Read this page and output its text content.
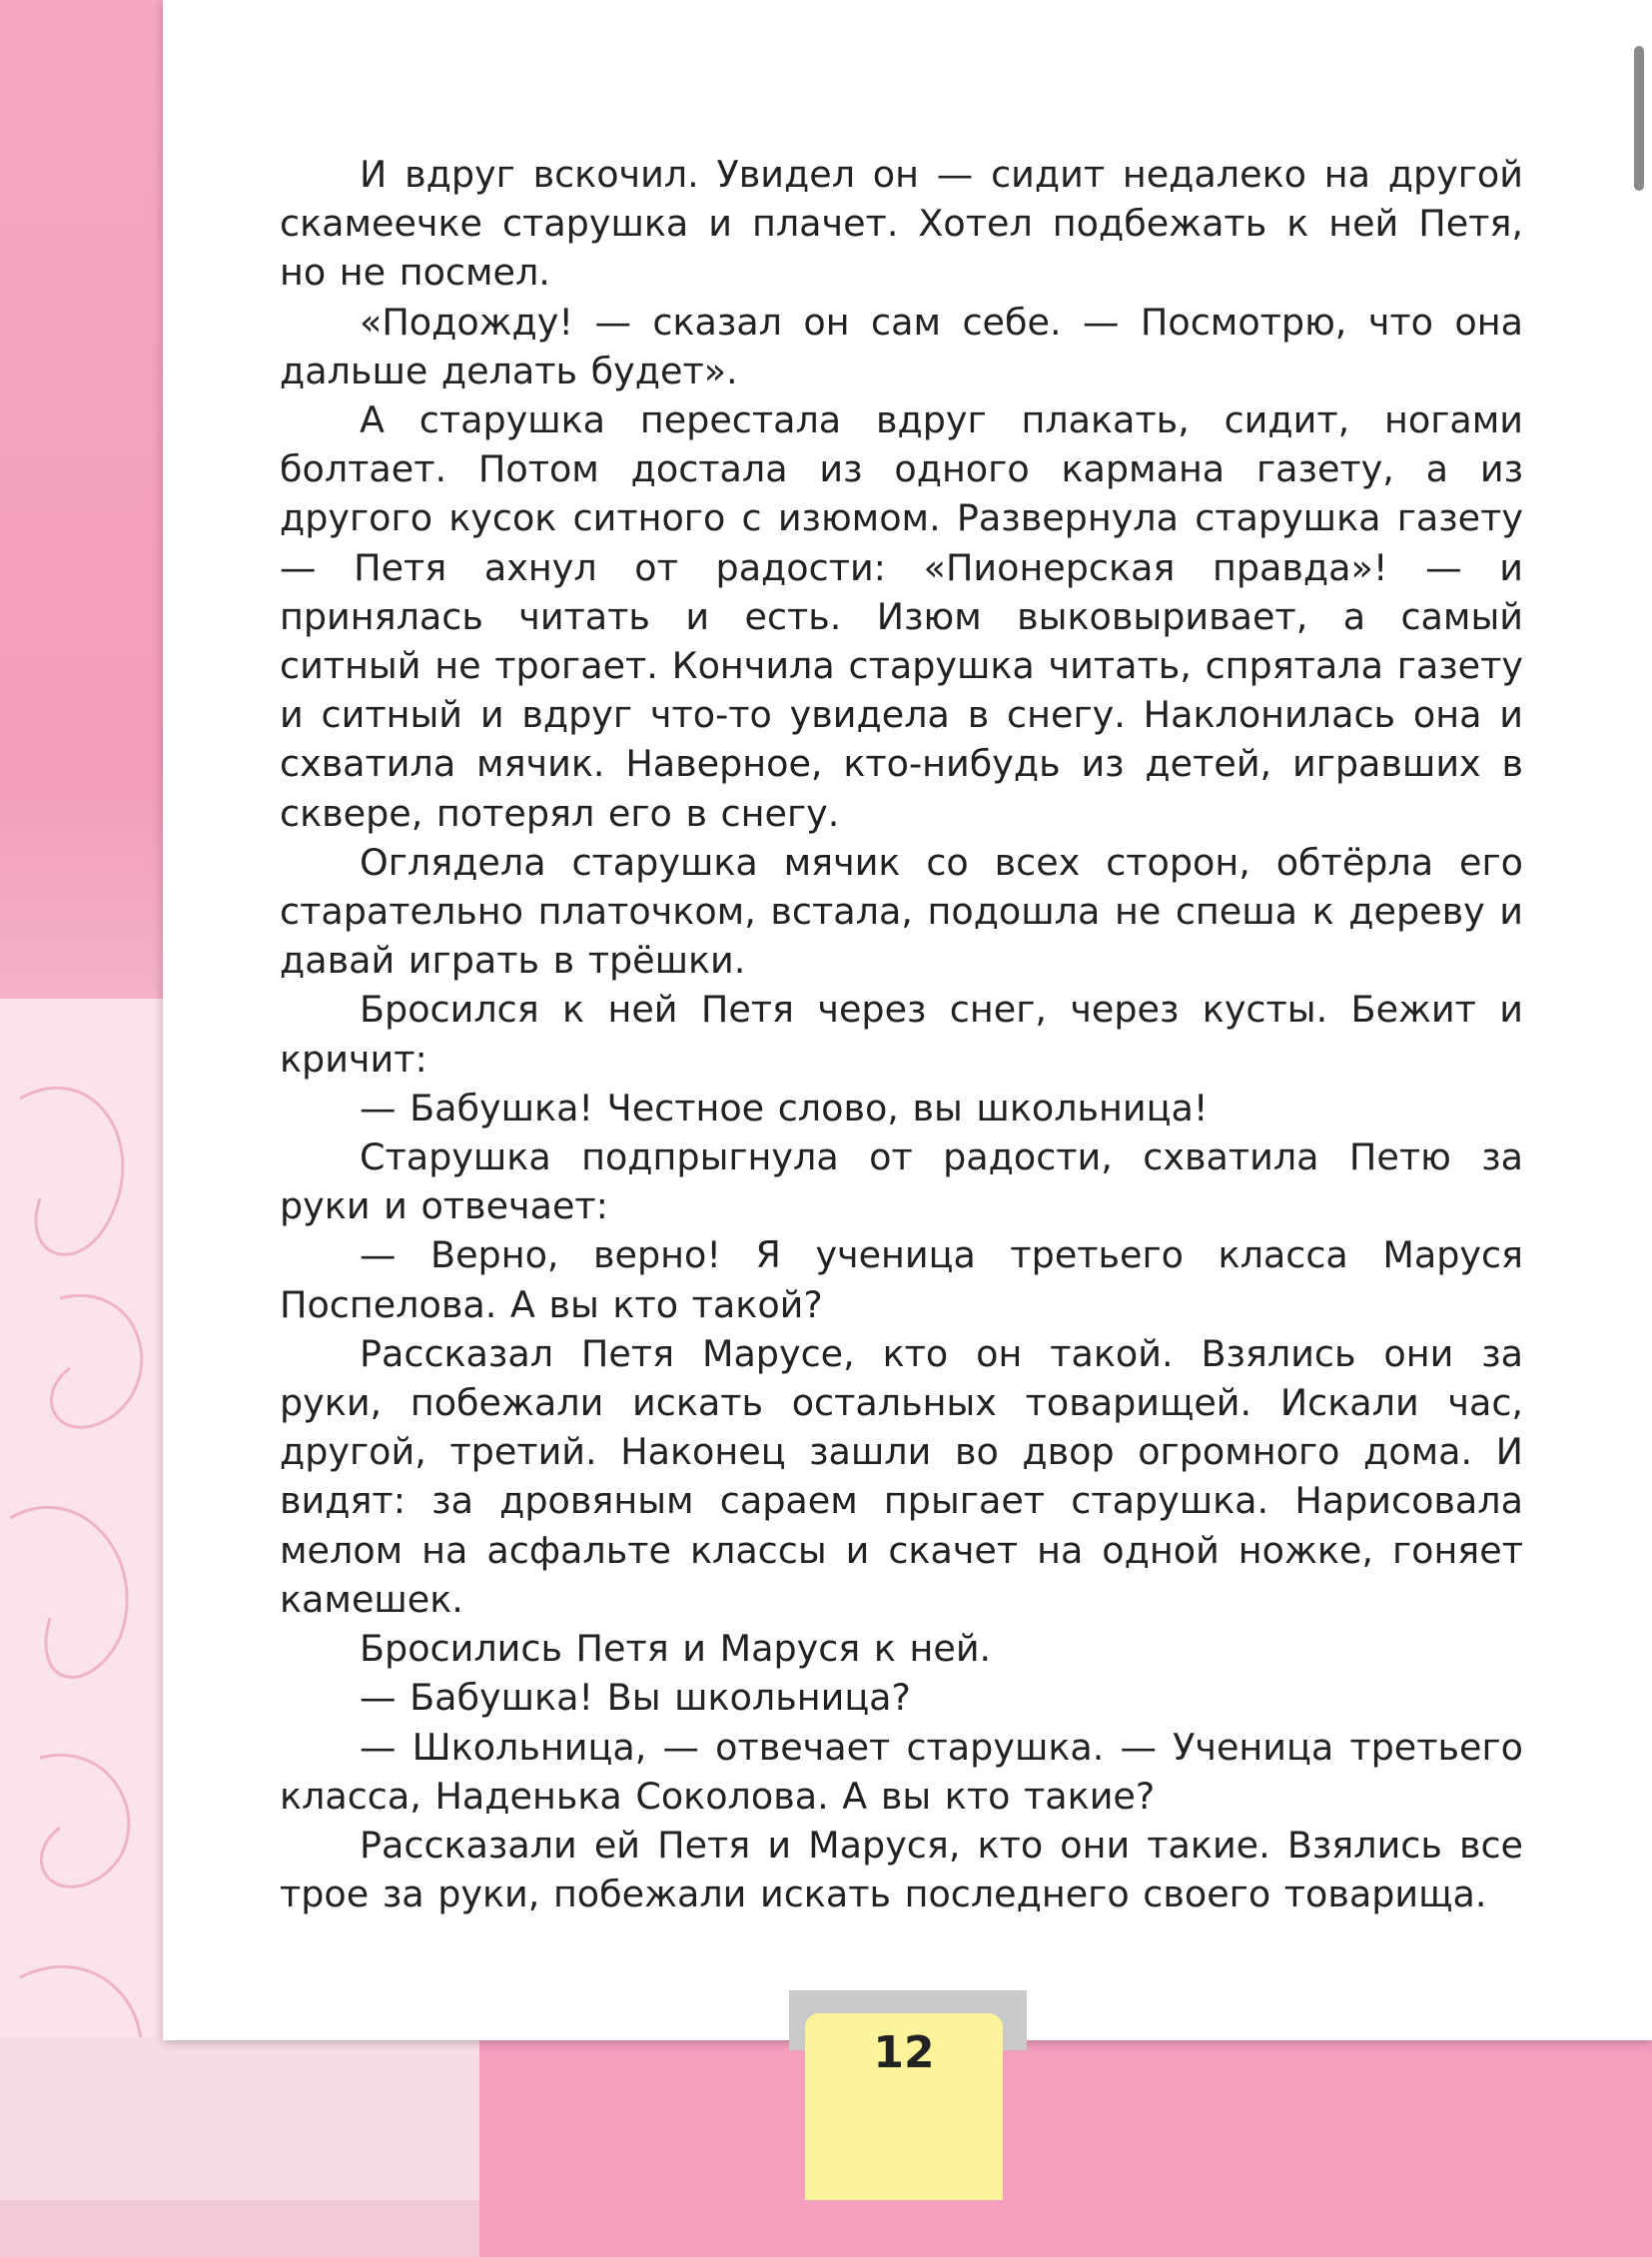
И вдруг вскочил. Увидел он — сидит недалеко на другой скамеечке старушка и плачет. Хотел подбежать к ней Петя, но не посмел.

«Подожду! — сказал он сам себе. — Посмотрю, что она дальше делать будет».

А старушка перестала вдруг плакать, сидит, ногами болтает. Потом достала из одного кармана газету, а из другого кусок ситного с изюмом. Развернула старушка газету — Петя ахнул от радости: «Пионерская правда»! — и принялась читать и есть. Изюм выковыривает, а самый ситный не трогает. Кончила старушка читать, спрятала газету и ситный и вдруг что-то увидела в снегу. Наклонилась она и схватила мячик. Наверное, кто-нибудь из детей, игравших в сквере, потерял его в снегу.

Оглядела старушка мячик со всех сторон, обтёрла его старательно платочком, встала, подошла не спеша к дереву и давай играть в трёшки.

Бросился к ней Петя через снег, через кусты. Бежит и кричит:

— Бабушка! Честное слово, вы школьница!

Старушка подпрыгнула от радости, схватила Петю за руки и отвечает:

— Верно, верно! Я ученица третьего класса Маруся Поспелова. А вы кто такой?

Рассказал Петя Марусе, кто он такой. Взялись они за руки, побежали искать остальных товарищей. Искали час, другой, третий. Наконец зашли во двор огромного дома. И видят: за дровяным сараем прыгает старушка. Нарисовала мелом на асфальте классы и скачет на одной ножке, гоняет камешек.

Бросились Петя и Маруся к ней.

— Бабушка! Вы школьница?

— Школьница, — отвечает старушка. — Ученица третьего класса, Наденька Соколова. А вы кто такие?

Рассказали ей Петя и Маруся, кто они такие. Взялись все трое за руки, побежали искать последнего своего товарища.

12
